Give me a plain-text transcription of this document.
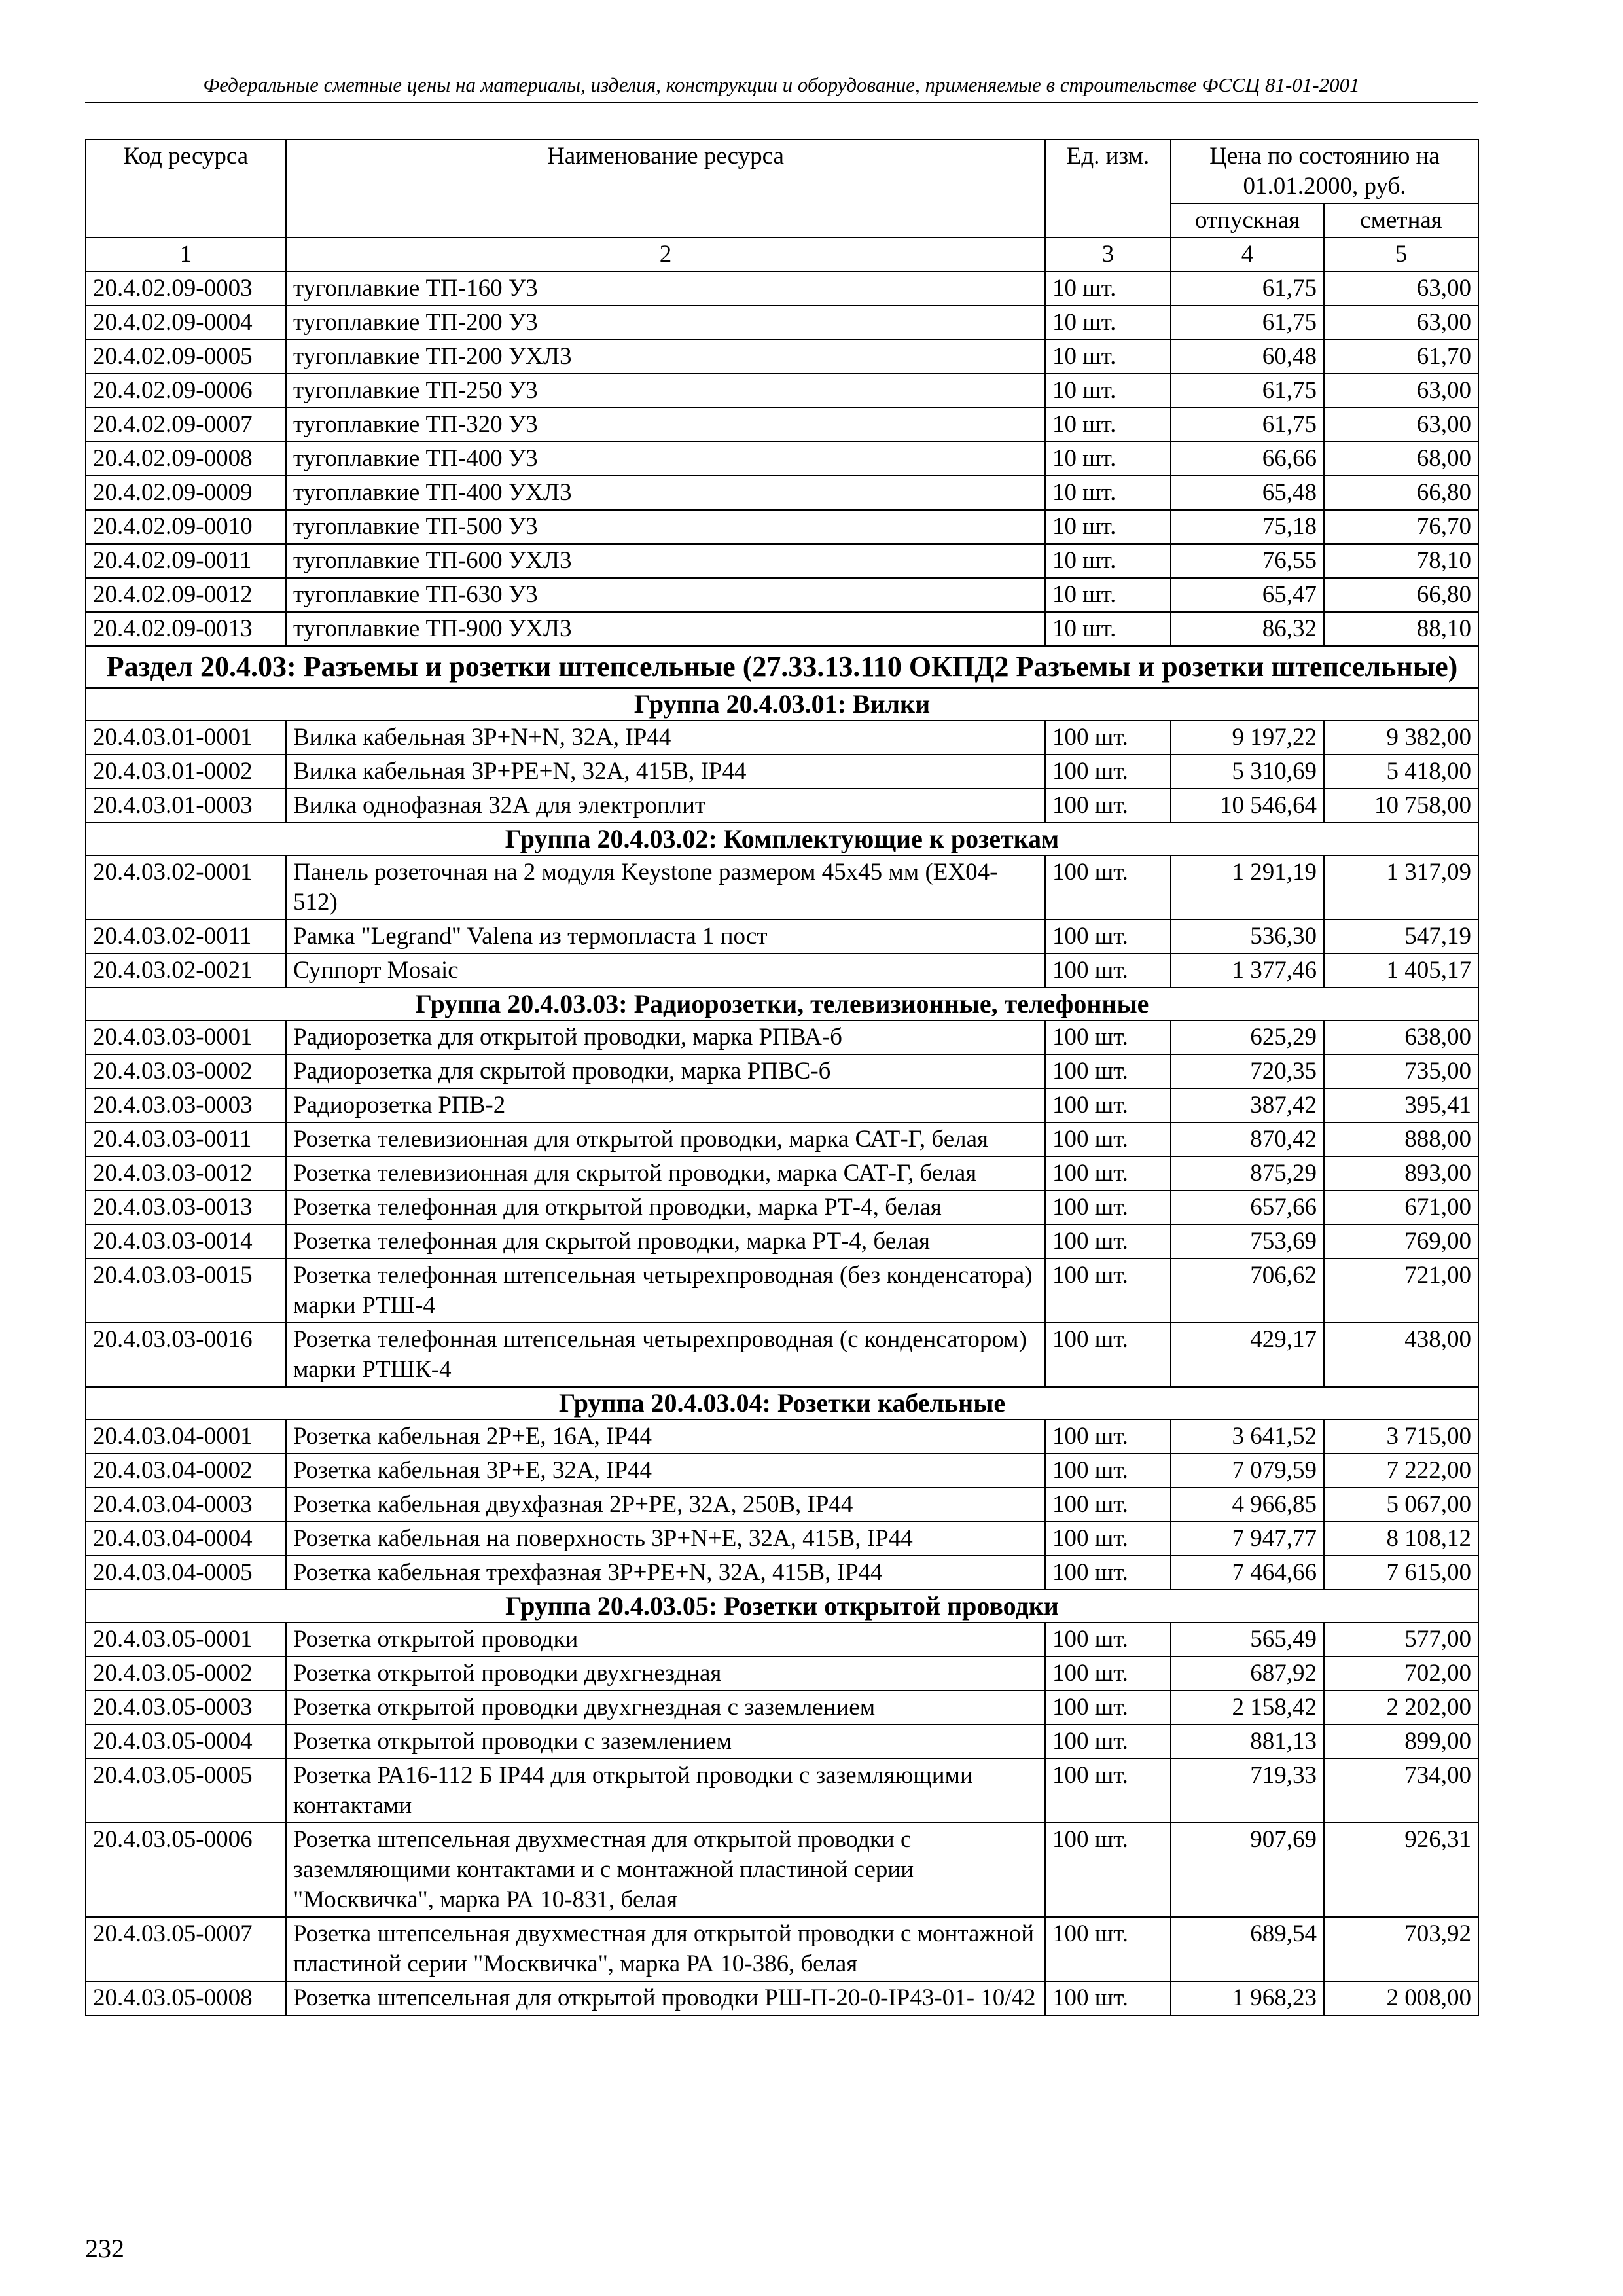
Федеральные сметные цены на материалы, изделия, конструкции и оборудование, применяемые в строительстве ФССЦ 81-01-2001
Код ресурса	Наименование ресурса	Ед. изм.	Цена по состоянию на 01.01.2000, руб.	
			отпускная	сметная
1	2	3	4	5
20.4.02.09-0003	тугоплавкие ТП-160 У3	10 шт.	61,75	63,00
20.4.02.09-0004	тугоплавкие ТП-200 У3	10 шт.	61,75	63,00
20.4.02.09-0005	тугоплавкие ТП-200 УХЛ3	10 шт.	60,48	61,70
20.4.02.09-0006	тугоплавкие ТП-250 У3	10 шт.	61,75	63,00
20.4.02.09-0007	тугоплавкие ТП-320 У3	10 шт.	61,75	63,00
20.4.02.09-0008	тугоплавкие ТП-400 У3	10 шт.	66,66	68,00
20.4.02.09-0009	тугоплавкие ТП-400 УХЛ3	10 шт.	65,48	66,80
20.4.02.09-0010	тугоплавкие ТП-500 У3	10 шт.	75,18	76,70
20.4.02.09-0011	тугоплавкие ТП-600 УХЛ3	10 шт.	76,55	78,10
20.4.02.09-0012	тугоплавкие ТП-630 У3	10 шт.	65,47	66,80
20.4.02.09-0013	тугоплавкие ТП-900 УХЛ3	10 шт.	86,32	88,10
Раздел 20.4.03: Разъемы и розетки штепсельные (27.33.13.110 ОКПД2 Разъемы и розетки штепсельные)				
Группа 20.4.03.01: Вилки				
20.4.03.01-0001	Вилка кабельная 3Р+N+N, 32А, IP44	100 шт.	9 197,22	9 382,00
20.4.03.01-0002	Вилка кабельная 3Р+РЕ+N, 32А, 415В, IP44	100 шт.	5 310,69	5 418,00
20.4.03.01-0003	Вилка однофазная 32А для электроплит	100 шт.	10 546,64	10 758,00
Группа 20.4.03.02: Комплектующие к розеткам				
20.4.03.02-0001	Панель розеточная на 2 модуля Keystone размером 45х45 мм (EX04-512)	100 шт.	1 291,19	1 317,09
20.4.03.02-0011	Рамка "Legrand" Valena из термопласта 1 пост	100 шт.	536,30	547,19
20.4.03.02-0021	Суппорт Mosaic	100 шт.	1 377,46	1 405,17
Группа 20.4.03.03: Радиорозетки, телевизионные, телефонные				
20.4.03.03-0001	Радиорозетка для открытой проводки, марка РПВА-б	100 шт.	625,29	638,00
20.4.03.03-0002	Радиорозетка для скрытой проводки, марка РПВС-б	100 шт.	720,35	735,00
20.4.03.03-0003	Радиорозетка РПВ-2	100 шт.	387,42	395,41
20.4.03.03-0011	Розетка телевизионная для открытой проводки, марка САТ-Г, белая	100 шт.	870,42	888,00
20.4.03.03-0012	Розетка телевизионная для скрытой проводки, марка САТ-Г, белая	100 шт.	875,29	893,00
20.4.03.03-0013	Розетка телефонная для открытой проводки, марка РТ-4, белая	100 шт.	657,66	671,00
20.4.03.03-0014	Розетка телефонная для скрытой проводки, марка РТ-4, белая	100 шт.	753,69	769,00
20.4.03.03-0015	Розетка телефонная штепсельная четырехпроводная (без конденсатора) марки РТШ-4	100 шт.	706,62	721,00
20.4.03.03-0016	Розетка телефонная штепсельная четырехпроводная (с конденсатором) марки РТШК-4	100 шт.	429,17	438,00
Группа 20.4.03.04: Розетки кабельные				
20.4.03.04-0001	Розетка кабельная 2Р+Е, 16А, IP44	100 шт.	3 641,52	3 715,00
20.4.03.04-0002	Розетка кабельная 3Р+Е, 32А, IP44	100 шт.	7 079,59	7 222,00
20.4.03.04-0003	Розетка кабельная двухфазная 2Р+РЕ, 32А, 250В, IP44	100 шт.	4 966,85	5 067,00
20.4.03.04-0004	Розетка кабельная на поверхность 3Р+N+E, 32А, 415В, IP44	100 шт.	7 947,77	8 108,12
20.4.03.04-0005	Розетка кабельная трехфазная 3Р+РЕ+N, 32А, 415В, IP44	100 шт.	7 464,66	7 615,00
Группа 20.4.03.05: Розетки открытой проводки				
20.4.03.05-0001	Розетка открытой проводки	100 шт.	565,49	577,00
20.4.03.05-0002	Розетка открытой проводки двухгнездная	100 шт.	687,92	702,00
20.4.03.05-0003	Розетка открытой проводки двухгнездная с заземлением	100 шт.	2 158,42	2 202,00
20.4.03.05-0004	Розетка открытой проводки с заземлением	100 шт.	881,13	899,00
20.4.03.05-0005	Розетка РА16-112 Б IP44 для открытой проводки с заземляющими контактами	100 шт.	719,33	734,00
20.4.03.05-0006	Розетка штепсельная двухместная для открытой проводки с заземляющими контактами и с монтажной пластиной серии "Москвичка", марка РА 10-831, белая	100 шт.	907,69	926,31
20.4.03.05-0007	Розетка штепсельная двухместная для открытой проводки с монтажной пластиной серии "Москвичка", марка РА 10-386, белая	100 шт.	689,54	703,92
20.4.03.05-0008	Розетка штепсельная для открытой проводки РШ-П-20-0-IP43-01- 10/42	100 шт.	1 968,23	2 008,00
232
